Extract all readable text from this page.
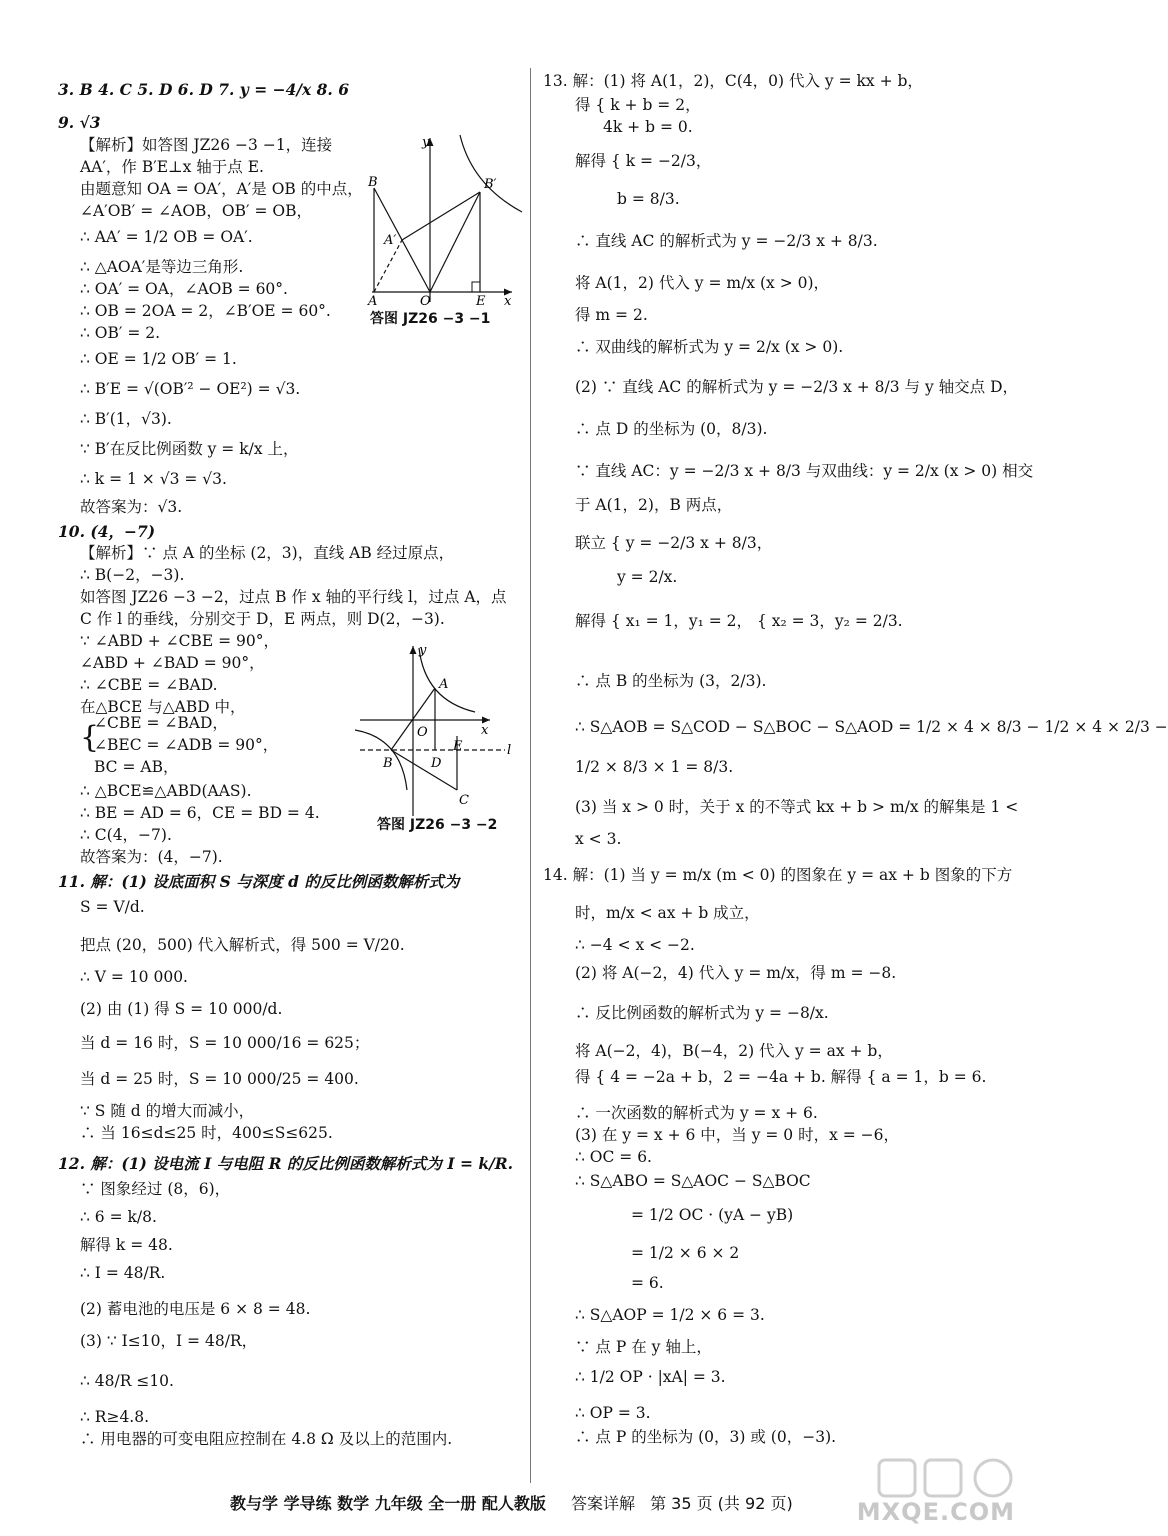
3. B 4. C 5. D 6. D 7. y = −4/x 8. 6
9. √3
【解析】如答图 JZ26 −3 −1，连接
AA′，作 B′E⊥x 轴于点 E.
由题意知 OA = OA′，A′是 OB 的中点，
∠A′OB′ = ∠AOB，OB′ = OB，
∴ AA′ = 1/2 OB = OA′.
∴ △AOA′是等边三角形.
∴ OA′ = OA，∠AOB = 60°.
∴ OB = 2OA = 2，∠B′OE = 60°.
∴ OB′ = 2.
∴ OE = 1/2 OB′ = 1.
∴ B′E = √(OB′² − OE²) = √3.
∴ B′(1，√3).
∵ B′在反比例函数 y = k/x 上，
∴ k = 1 × √3 = √3.
故答案为：√3.
10. (4，−7)
【解析】∵ 点 A 的坐标 (2，3)，直线 AB 经过原点，
∴ B(−2，−3).
如答图 JZ26 −3 −2，过点 B 作 x 轴的平行线 l，过点 A，点
C 作 l 的垂线，分别交于 D，E 两点，则 D(2，−3).
∵ ∠ABD + ∠CBE = 90°，
∠ABD + ∠BAD = 90°，
∴ ∠CBE = ∠BAD.
在△BCE 与△ABD 中，
{
∠CBE = ∠BAD，
∠BEC = ∠ADB = 90°，
BC = AB，
∴ △BCE≌△ABD(AAS).
∴ BE = AD = 6，CE = BD = 4.
∴ C(4，−7).
故答案为：(4，−7).
11. 解：(1) 设底面积 S 与深度 d 的反比例函数解析式为
S = V/d.
把点 (20，500) 代入解析式，得 500 = V/20.
∴ V = 10 000.
(2) 由 (1) 得 S = 10 000/d.
当 d = 16 时，S = 10 000/16 = 625；
当 d = 25 时，S = 10 000/25 = 400.
∵ S 随 d 的增大而减小，
∴ 当 16≤d≤25 时，400≤S≤625.
12. 解：(1) 设电流 I 与电阻 R 的反比例函数解析式为 I = k/R.
∵ 图象经过 (8，6)，
∴ 6 = k/8.
解得 k = 48.
∴ I = 48/R.
(2) 蓄电池的电压是 6 × 8 = 48.
(3) ∵ I≤10，I = 48/R，
∴ 48/R ≤10.
∴ R≥4.8.
∴ 用电器的可变电阻应控制在 4.8 Ω 及以上的范围内.
y
x
B	B′
A′
A	O	E
答图 JZ26 −3 −1
y
x
A
O
E	l
B	D
C
答图 JZ26 −3 −2
13. 解：(1) 将 A(1，2)，C(4，0) 代入 y = kx + b，
得 { k + b = 2，
4k + b = 0.
解得 { k = −2/3，
b = 8/3.
∴ 直线 AC 的解析式为 y = −2/3 x + 8/3.
将 A(1，2) 代入 y = m/x (x > 0)，
得 m = 2.
∴ 双曲线的解析式为 y = 2/x (x > 0).
(2) ∵ 直线 AC 的解析式为 y = −2/3 x + 8/3 与 y 轴交点 D，
∴ 点 D 的坐标为 (0，8/3).
∵ 直线 AC：y = −2/3 x + 8/3 与双曲线：y = 2/x (x > 0) 相交
于 A(1，2)，B 两点，
联立 { y = −2/3 x + 8/3，
y = 2/x.
解得 { x₁ = 1，y₁ = 2， { x₂ = 3，y₂ = 2/3.
∴ 点 B 的坐标为 (3，2/3).
∴ S△AOB = S△COD − S△BOC − S△AOD = 1/2 × 4 × 8/3 − 1/2 × 4 × 2/3 −
1/2 × 8/3 × 1 = 8/3.
(3) 当 x > 0 时，关于 x 的不等式 kx + b > m/x 的解集是 1 <
x < 3.
14. 解：(1) 当 y = m/x (m < 0) 的图象在 y = ax + b 图象的下方
时，m/x < ax + b 成立，
∴ −4 < x < −2.
(2) 将 A(−2，4) 代入 y = m/x，得 m = −8.
∴ 反比例函数的解析式为 y = −8/x.
将 A(−2，4)，B(−4，2) 代入 y = ax + b，
得 { 4 = −2a + b，2 = −4a + b. 解得 { a = 1，b = 6.
∴ 一次函数的解析式为 y = x + 6.
(3) 在 y = x + 6 中，当 y = 0 时，x = −6，
∴ OC = 6.
∴ S△ABO = S△AOC − S△BOC
= 1/2 OC · (yA − yB)
= 1/2 × 6 × 2
= 6.
∴ S△AOP = 1/2 × 6 = 3.
∵ 点 P 在 y 轴上，
∴ 1/2 OP · |xA| = 3.
∴ OP = 3.
∴ 点 P 的坐标为 (0，3) 或 (0，−3).
教与学 学导练 数学 九年级 全一册 配人教版 答案详解 第 35 页 (共 92 页)	MXQE.COM
